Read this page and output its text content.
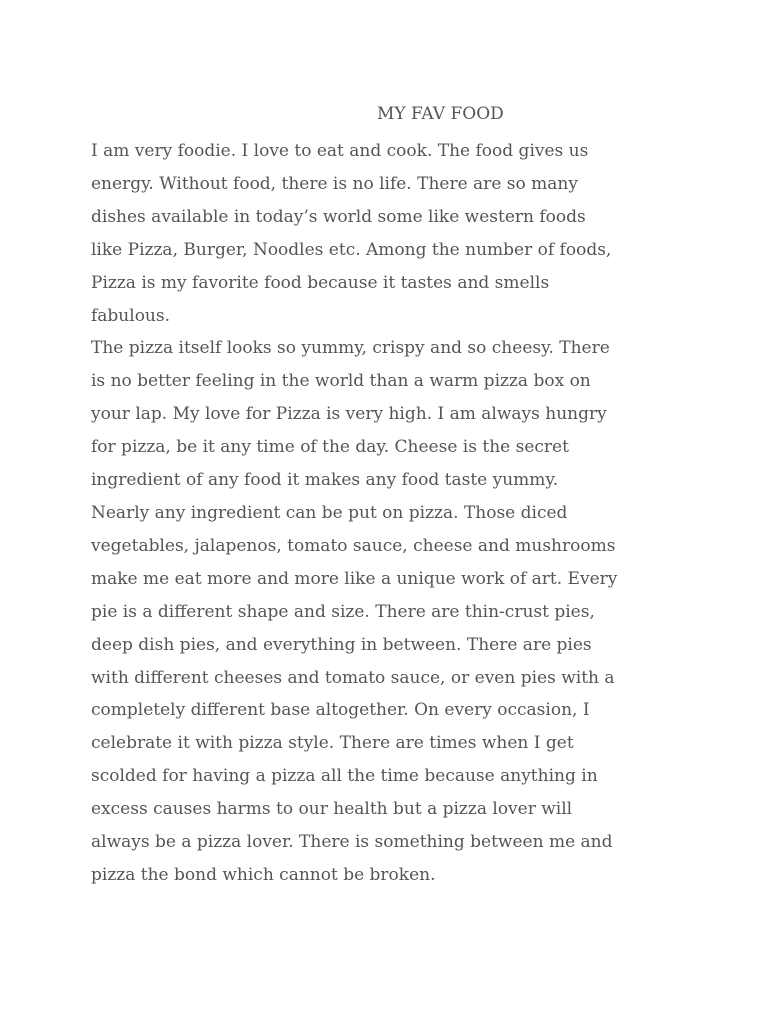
MY FAV FOOD
I am very foodie. I love to eat and cook. The food gives us
energy. Without food, there is no life. There are so many
dishes available in today’s world some like western foods
like Pizza, Burger, Noodles etc. Among the number of foods,
Pizza is my favorite food because it tastes and smells
fabulous.
The pizza itself looks so yummy, crispy and so cheesy. There
is no better feeling in the world than a warm pizza box on
your lap. My love for Pizza is very high. I am always hungry
for pizza, be it any time of the day. Cheese is the secret
ingredient of any food it makes any food taste yummy.
Nearly any ingredient can be put on pizza. Those diced
vegetables, jalapenos, tomato sauce, cheese and mushrooms
make me eat more and more like a unique work of art. Every
pie is a different shape and size. There are thin-crust pies,
deep dish pies, and everything in between. There are pies
with different cheeses and tomato sauce, or even pies with a
completely different base altogether. On every occasion, I
celebrate it with pizza style. There are times when I get
scolded for having a pizza all the time because anything in
excess causes harms to our health but a pizza lover will
always be a pizza lover. There is something between me and
pizza the bond which cannot be broken.
